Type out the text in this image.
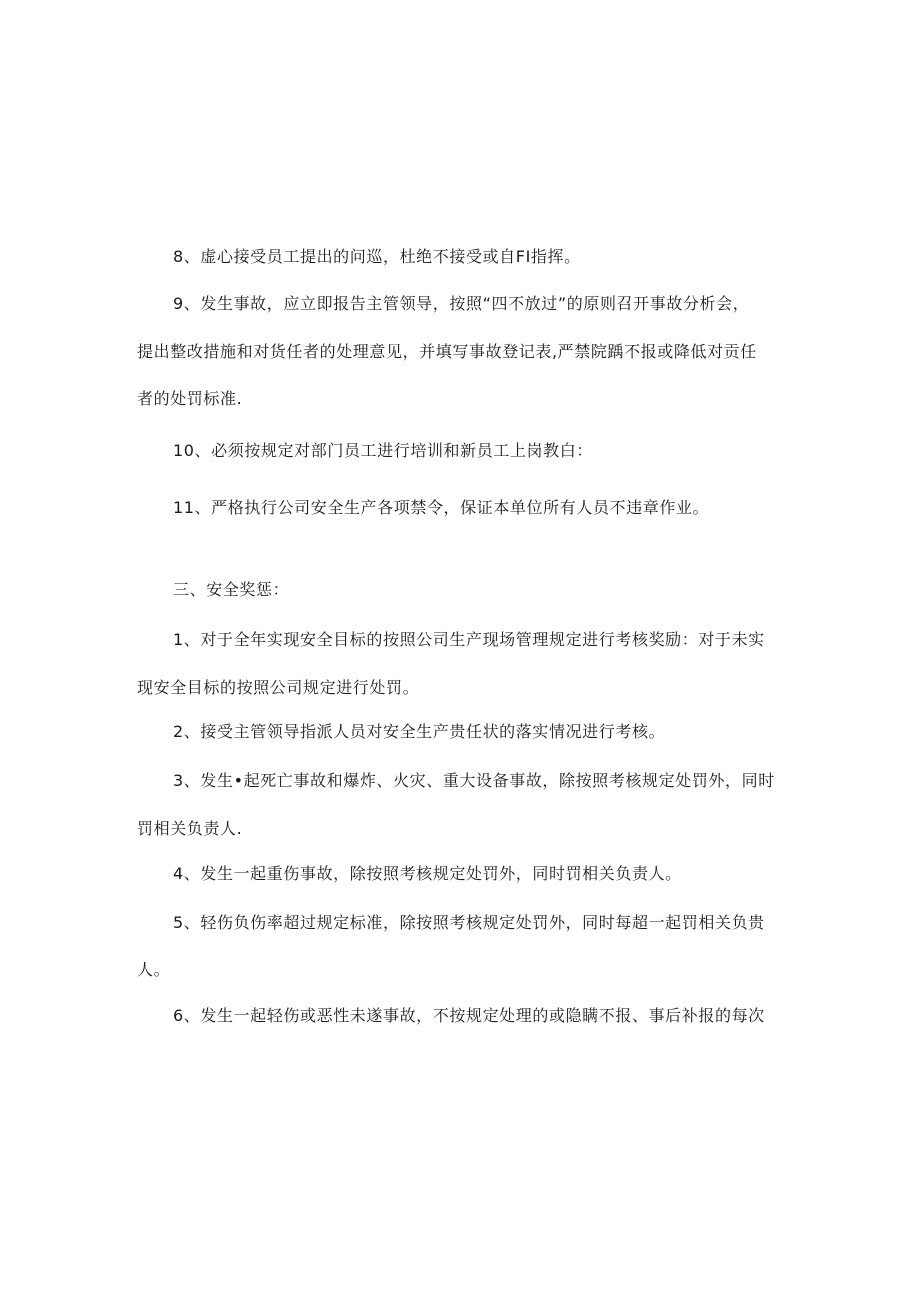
8、虚心接受员工提出的问巡，杜绝不接受或自FI指挥。
9、发生事故，应立即报告主管领导，按照“四不放过”的原则召开事故分析会，
提出整改措施和对货任者的处理意见，并填写事故登记表,严禁院踽不报或降低对贡任
者的处罚标准.
10、必须按规定对部门员工进行培训和新员工上岗教白：
11、严格执行公司安全生产各项禁令，保证本单位所有人员不违章作业。
三、安全奖惩：
1、对于全年实现安全目标的按照公司生产现场管理规定进行考核奖励：对于未实
现安全目标的按照公司规定进行处罚。
2、接受主管领导指派人员对安全生产贵任状的落实情况进行考核。
3、发生•起死亡事故和爆炸、火灾、重大设备事故，除按照考核规定处罚外，同时
罚相关负责人.
4、发生一起重伤事故，除按照考核规定处罚外，同时罚相关负责人。
5、轻伤负伤率超过规定标准，除按照考核规定处罚外，同时每超一起罚相关负贵
人。
6、发生一起轻伤或恶性未遂事故，不按规定处理的或隐瞒不报、事后补报的每次
